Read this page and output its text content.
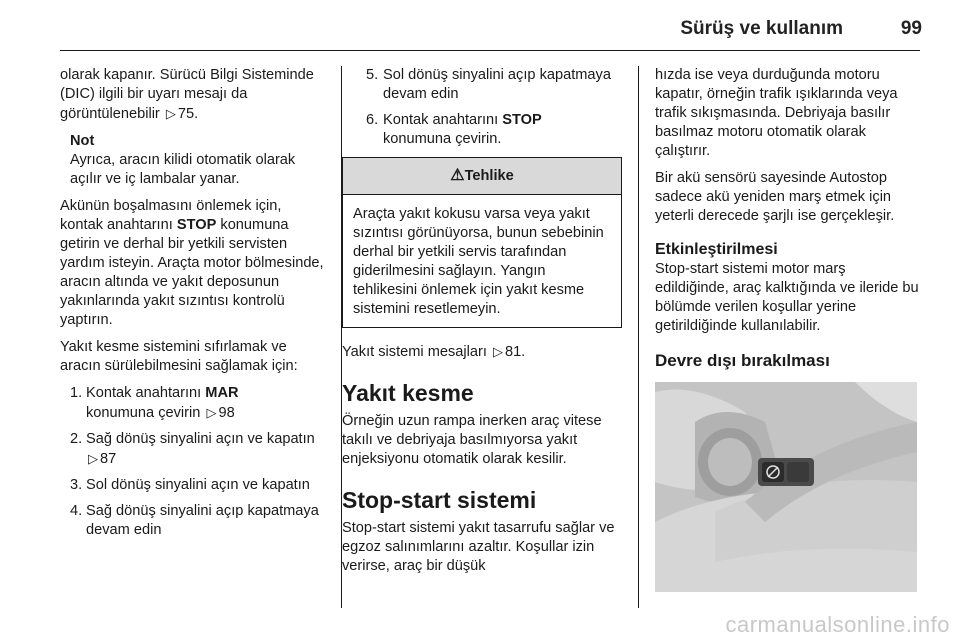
Sürüş ve kullanım	99

olarak kapanır. Sürücü Bilgi Sisteminde (DIC) ilgili bir uyarı mesajı da görüntülenebilir ▷ 75.

Not
Ayrıca, aracın kilidi otomatik olarak açılır ve iç lambalar yanar.

Akünün boşalmasını önlemek için, kontak anahtarını STOP konumuna getirin ve derhal bir yetkili servisten yardım isteyin. Araçta motor bölmesinde, aracın altında ve yakıt deposunun yakınlarında yakıt sızıntısı kontrolü yaptırın.

Yakıt kesme sistemini sıfırlamak ve aracın sürülebilmesini sağlamak için:

1. Kontak anahtarını MAR
konumuna çevirin ▷ 98
2. Sağ dönüş sinyalini açın ve kapatın ▷ 87
3. Sol dönüş sinyalini açın ve kapatın
4. Sağ dönüş sinyalini açıp kapatmaya devam edin
5. Sol dönüş sinyalini açıp kapatmaya devam edin
6. Kontak anahtarını STOP
konumuna çevirin.
⚠Tehlike
Araçta yakıt kokusu varsa veya yakıt sızıntısı görünüyorsa, bunun sebebinin derhal bir yetkili servis tarafından giderilmesini sağlayın. Yangın tehlikesini önlemek için yakıt kesme sistemini resetlemeyin.

Yakıt sistemi mesajları ▷ 81.

Yakıt kesme

Örneğin uzun rampa inerken araç vitese takılı ve debriyaja basılmıyorsa yakıt enjeksiyonu otomatik olarak kesilir.

Stop-start sistemi

Stop-start sistemi yakıt tasarrufu sağlar ve egzoz salınımlarını azaltır. Koşullar izin verirse, araç bir düşük

hızda ise veya durduğunda motoru kapatır, örneğin trafik ışıklarında veya trafik sıkışmasında. Debriyaja basılır basılmaz motoru otomatik olarak çalıştırır.

Bir akü sensörü sayesinde Autostop sadece akü yeniden marş etmek için yeterli derecede şarjlı ise gerçekleşir.

Etkinleştirilmesi

Stop-start sistemi motor marş edildiğinde, araç kalktığında ve ileride bu bölümde verilen koşullar yerine getirildiğinde kullanılabilir.

Devre dışı bırakılması
carmanualsonline.info
